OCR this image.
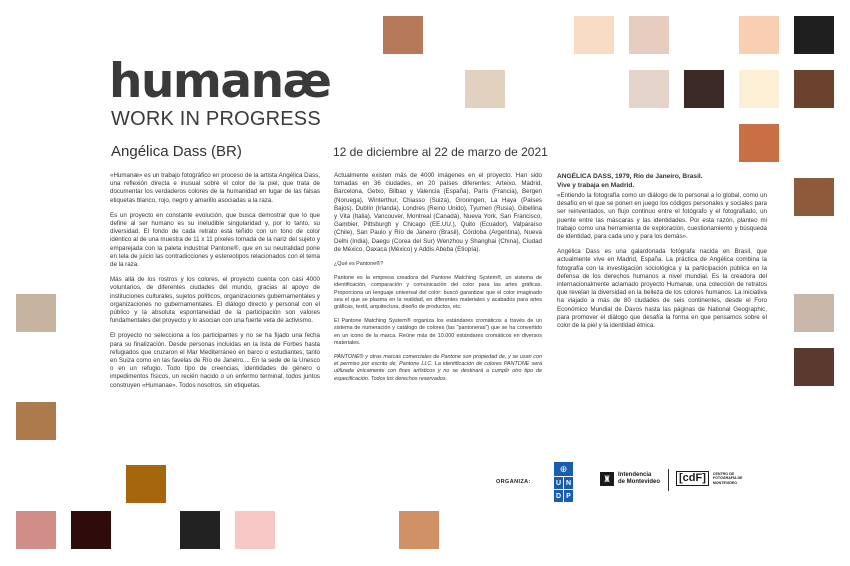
humanæ
WORK IN PROGRESS
Angélica Dass (BR)	12 de diciembre al 22 de marzo de 2021

«Humanæ» es un trabajo fotográfico en proceso de la artista Angélica Dass, una reflexión directa e inusual sobre el color de la piel, que trata de documentar los verdaderos colores de la humanidad en lugar de las falsas etiquetas blanco, rojo, negro y amarillo asociadas a la raza.

Es un proyecto en constante evolución, que busca demostrar que lo que define al ser humano es su ineludible singularidad y, por lo tanto, su diversidad. El fondo de cada retrato está teñido con un tono de color idéntico al de una muestra de 11 x 11 píxeles tomada de la nariz del sujeto y emparejada con la paleta industrial Pantone®, que en su neutralidad pone en tela de juicio las contradicciones y estereotipos relacionados con el tema de la raza.

Más allá de los rostros y los colores, el proyecto cuenta con casi 4000 voluntarios, de diferentes ciudades del mundo, gracias al apoyo de instituciones culturales, sujetos políticos, organizaciones gubernamentales y organizaciones no gubernamentales. El diálogo directo y personal con el público y la absoluta espontaneidad de la participación son valores fundamentales del proyecto y lo asocian con una fuerte veta de activismo.

El proyecto no selecciona a los participantes y no se ha fijado una fecha para su finalización. Desde personas incluidas en la lista de Forbes hasta refugiados que cruzaron el Mar Mediterráneo en barco o estudiantes, tanto en Suiza como en las favelas de Río de Janeiro.... En la sede de la Unesco o en un refugio. Todo tipo de creencias, identidades de género o impedimentos físicos, un recién nacido o un enfermo terminal, todos juntos construyen «Humanae». Todos nosotros, sin etiquetas.

Actualmente existen más de 4000 imágenes en el proyecto. Han sido tomadas en 36 ciudades, en 20 países diferentes: Arteixo, Madrid, Barcelona, Getxo, Bilbao y Valencia (España), París (Francia), Bergen (Noruega), Winterthur, Chiasso (Suiza), Groningen, La Haya (Países Bajos), Dublín (Irlanda), Londres (Reino Unido), Tyumen (Rusia), Gibellina y Vita (Italia), Vancouver, Montreal (Canadá), Nueva York, San Francisco, Gambier, Pittsburgh y Chicago (EE.UU.), Quito (Ecuador), Valparaíso (Chile), San Paulo y Río de Janeiro (Brasil), Córdoba (Argentina), Nueva Delhi (India), Daegu (Corea del Sur) Wenzhou y Shanghai (China), Ciudad de México, Oaxaca (México) y Addis Abeba (Etiopía).

¿Qué es Pantone®?

Pantone es la empresa creadora del Pantone Matching System®, un sistema de identificación, comparación y comunicación del color para las artes gráficas. Proporciona un lenguaje universal del color: buscó garantizar que el color imaginado sea el que se plasma en la realidad, en diferentes materiales y acabados para artes gráficas, textil, arquitectura, diseño de productos, etc.

El Pantone Matching System® organiza los estándares cromáticos a través de un sistema de numeración y catálogo de colores (las “pantoneras”) que se ha convertido en un icono de la marca. Reúne más de 10.000 estándares cromáticos en diversos materiales.

PANTONE® y otras marcas comerciales de Pantone son propiedad de, y se usan con el permiso por escrito de, Pantone LLC. La identificación de colores PANTONE será utilizada únicamente con fines artísticos y no se destinará a cumplir otro tipo de especificación. Todos los derechos reservados.

ANGÉLICA DASS, 1979, Río de Janeiro, Brasil.

Vive y trabaja en Madrid.

«Entiendo la fotografía como un diálogo de lo personal a lo global, como un desafío en el que se ponen en juego los códigos personales y sociales para ser reinventados, un flujo continuo entre el fotógrafo y el fotografiado, un puente entre las máscaras y las identidades. Por esta razón, planteo mi trabajo como una herramienta de exploración, cuestionamiento y búsqueda de identidad, para cada uno y para los demás».

Angélica Dass es una galardonada fotógrafa nacida en Brasil, que actualmente vive en Madrid, España. La práctica de Angélica combina la fotografía con la investigación sociológica y la participación pública en la defensa de los derechos humanos a nivel mundial. Es la creadora del internacionalmente aclamado proyecto Humanæ, una colección de retratos que revelan la diversidad en la belleza de los colores humanos. La iniciativa ha viajado a más de 80 ciudades de seis continentes, desde el Foro Económico Mundial de Davos hasta las páginas de National Geographic, para promover el diálogo que desafía la forma en que pensamos sobre el color de la piel y la identidad étnica.

ORGANIZA:
⊕
U N
D P
♜	Intendencia
de Montevideo [cdF]	CENTRO DE FOTOGRAFÍA DE MONTEVIDEO
